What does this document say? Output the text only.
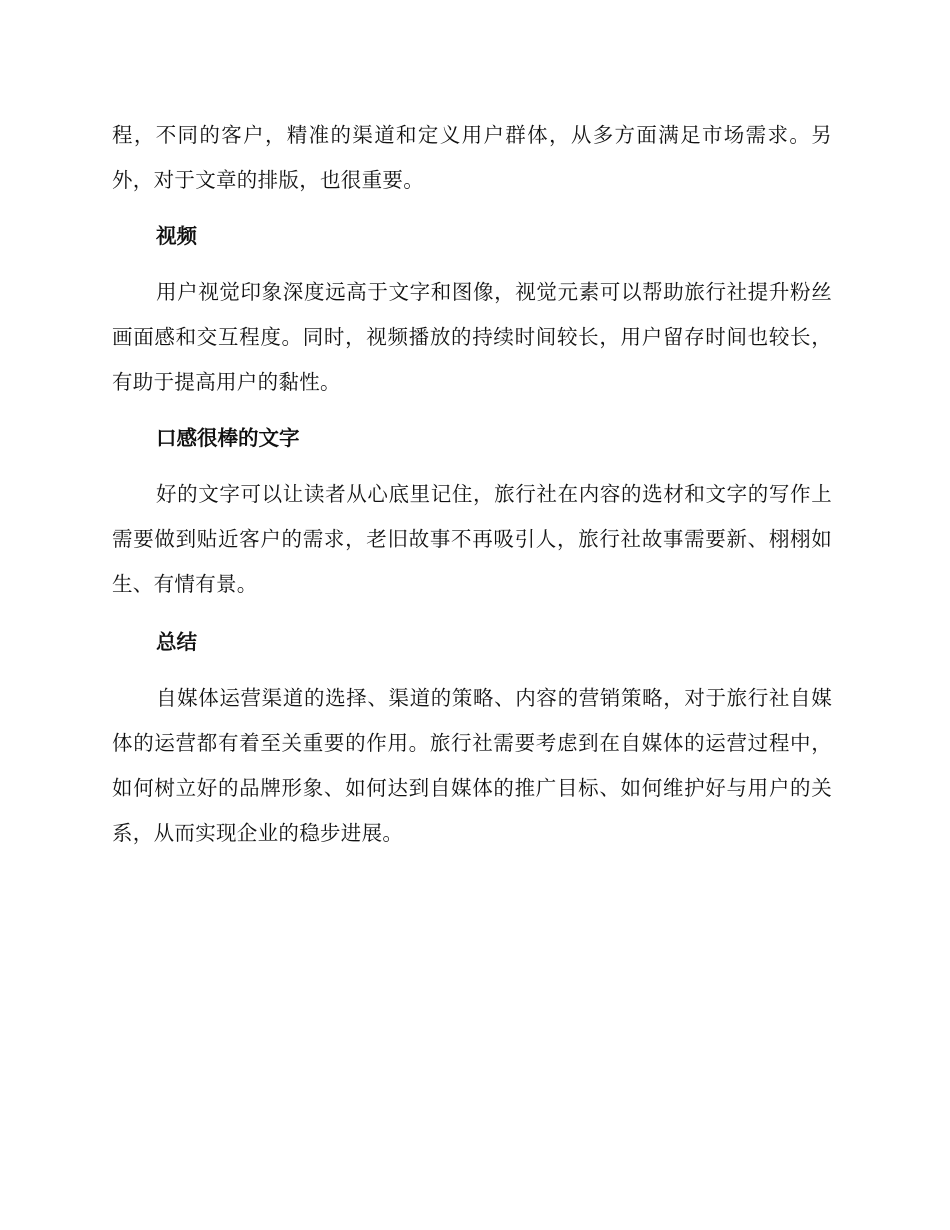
程，不同的客户，精准的渠道和定义用户群体，从多方面满足市场需求。另外，对于文章的排版，也很重要。

视频

用户视觉印象深度远高于文字和图像，视觉元素可以帮助旅行社提升粉丝画面感和交互程度。同时，视频播放的持续时间较长，用户留存时间也较长，有助于提高用户的黏性。

口感很棒的文字

好的文字可以让读者从心底里记住，旅行社在内容的选材和文字的写作上需要做到贴近客户的需求，老旧故事不再吸引人，旅行社故事需要新、栩栩如生、有情有景。

总结

自媒体运营渠道的选择、渠道的策略、内容的营销策略，对于旅行社自媒体的运营都有着至关重要的作用。旅行社需要考虑到在自媒体的运营过程中，如何树立好的品牌形象、如何达到自媒体的推广目标、如何维护好与用户的关系，从而实现企业的稳步进展。
